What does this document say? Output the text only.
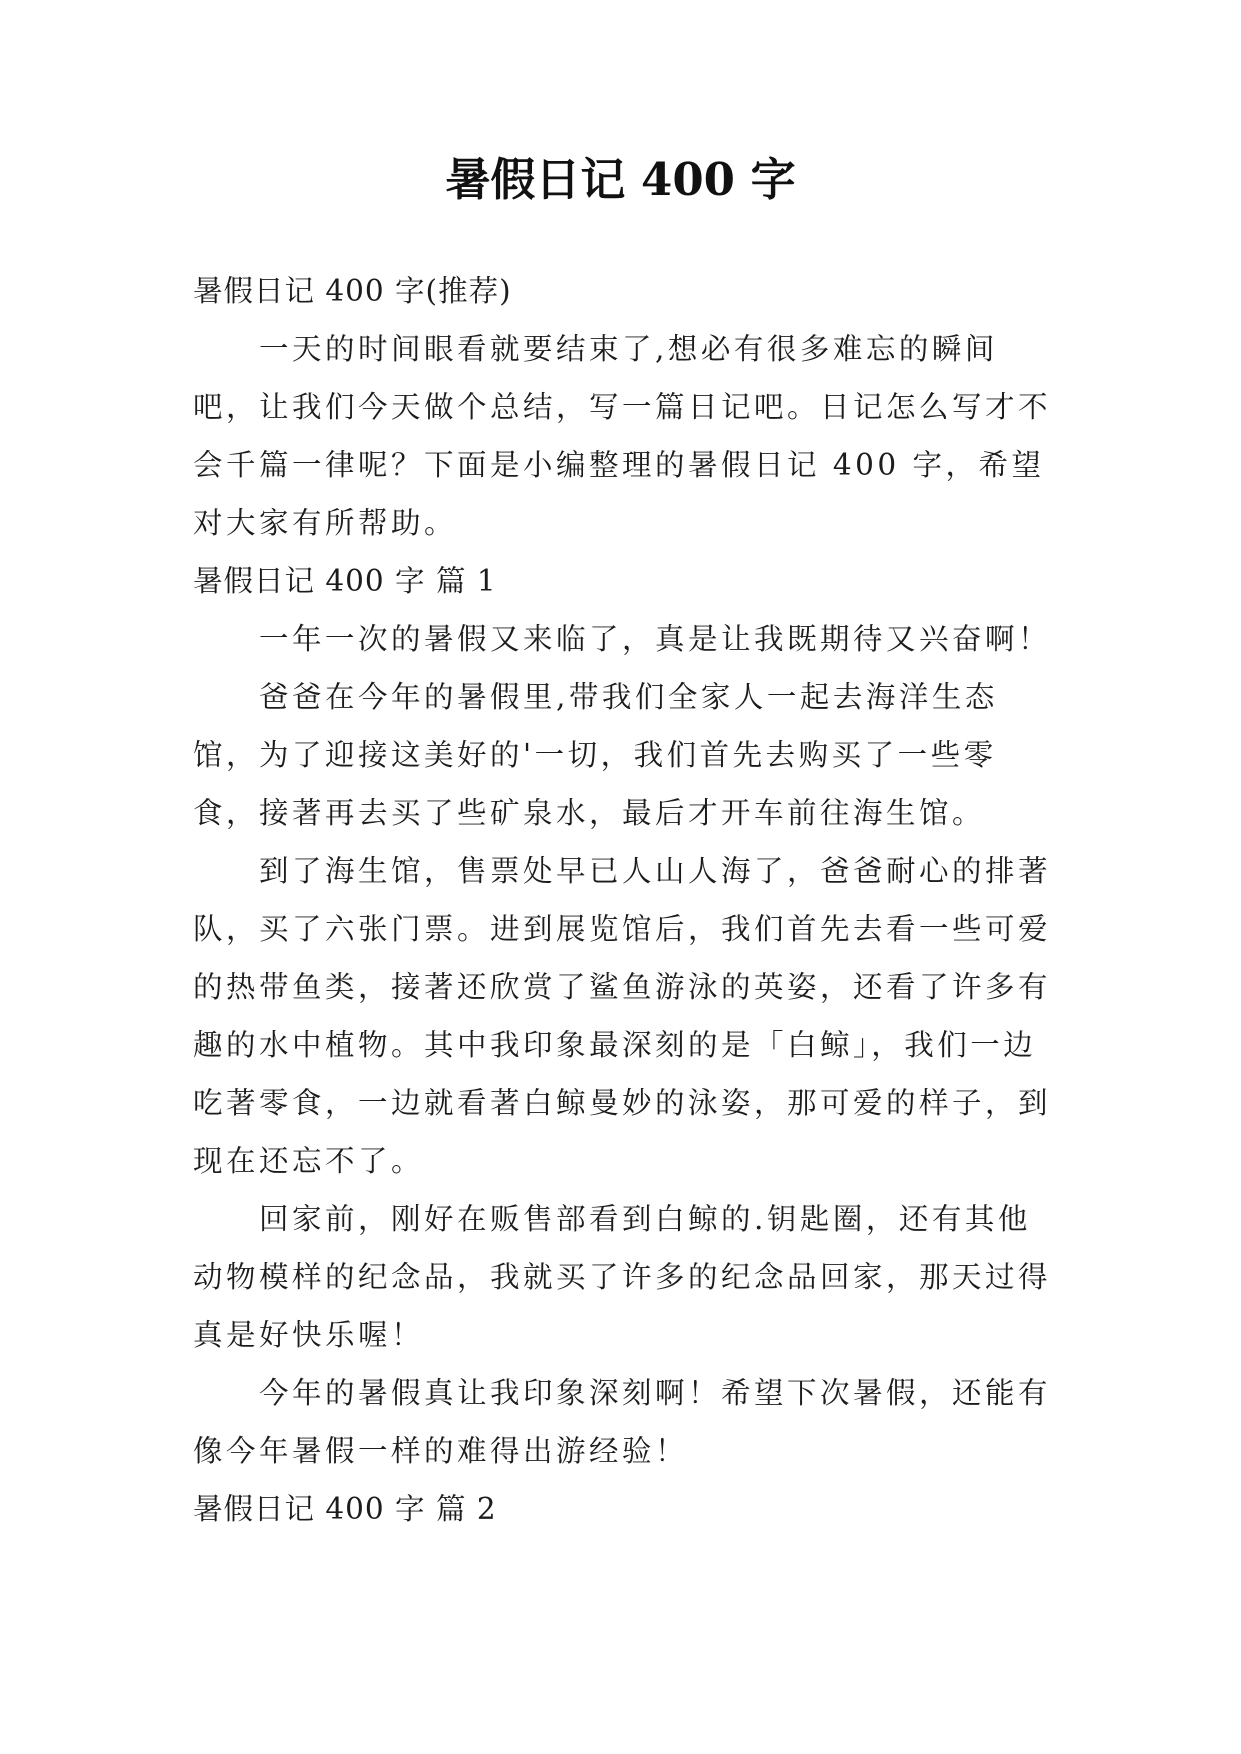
暑假日记 400 字

暑假日记 400 字(推荐)

一天的时间眼看就要结束了,想必有很多难忘的瞬间吧，让我们今天做个总结，写一篇日记吧。日记怎么写才不会千篇一律呢？下面是小编整理的暑假日记 400 字，希望对大家有所帮助。

暑假日记 400 字 篇 1

一年一次的暑假又来临了，真是让我既期待又兴奋啊！

爸爸在今年的暑假里,带我们全家人一起去海洋生态馆，为了迎接这美好的'一切，我们首先去购买了一些零食，接著再去买了些矿泉水，最后才开车前往海生馆。

到了海生馆，售票处早已人山人海了，爸爸耐心的排著队，买了六张门票。进到展览馆后，我们首先去看一些可爱的热带鱼类，接著还欣赏了鲨鱼游泳的英姿，还看了许多有趣的水中植物。其中我印象最深刻的是「白鲸」，我们一边吃著零食，一边就看著白鲸曼妙的泳姿，那可爱的样子，到现在还忘不了。

回家前，刚好在贩售部看到白鲸的.钥匙圈，还有其他动物模样的纪念品，我就买了许多的纪念品回家，那天过得真是好快乐喔！

今年的暑假真让我印象深刻啊！希望下次暑假，还能有像今年暑假一样的难得出游经验！

暑假日记 400 字 篇 2
